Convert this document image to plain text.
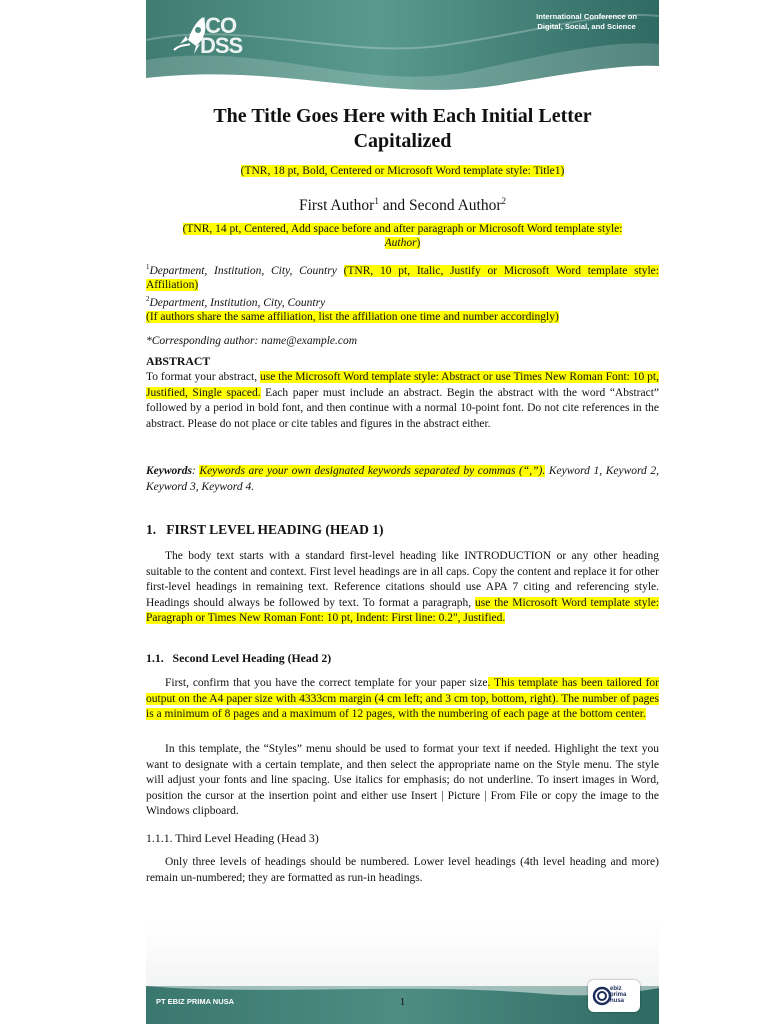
ICO
DSS
International Conference on
Digital, Social, and Science
The Title Goes Here with Each Initial Letter
Capitalized
(TNR, 18 pt, Bold, Centered or Microsoft Word template style: Title1)
First Author$^1$ and Second Author$^2$
(TNR, 14 pt, Centered, Add space before and after paragraph or Microsoft Word template style:
Author)
$^1$Department, Institution, City, Country (TNR, 10 pt, Italic, Justify or Microsoft Word template style: Affiliation)
$^2$Department, Institution, City, Country
(If authors share the same affiliation, list the affiliation one time and number accordingly)
*Corresponding author: name@example.com
ABSTRACT
To format your abstract, use the Microsoft Word template style: Abstract or use Times New Roman Font: 10 pt, Justified, Single spaced. Each paper must include an abstract. Begin the abstract with the word “Abstract” followed by a period in bold font, and then continue with a normal 10-point font. Do not cite references in the abstract. Please do not place or cite tables and figures in the abstract either.
Keywords: Keywords are your own designated keywords separated by commas (“,”). Keyword 1, Keyword 2, Keyword 3, Keyword 4.
1.   FIRST LEVEL HEADING (HEAD 1)
The body text starts with a standard first-level heading like INTRODUCTION or any other heading suitable to the content and context. First level headings are in all caps. Copy the content and replace it for other first-level headings in remaining text. Reference citations should use APA 7 citing and referencing style. Headings should always be followed by text. To format a paragraph, use the Microsoft Word template style: Paragraph or Times New Roman Font: 10 pt, Indent: First line: 0.2", Justified.
1.1.   Second Level Heading (Head 2)
First, confirm that you have the correct template for your paper size. This template has been tailored for output on the A4 paper size with 4333cm margin (4 cm left; and 3 cm top, bottom, right). The number of pages is a minimum of 8 pages and a maximum of 12 pages, with the numbering of each page at the bottom center.
In this template, the “Styles” menu should be used to format your text if needed. Highlight the text you want to designate with a certain template, and then select the appropriate name on the Style menu. The style will adjust your fonts and line spacing. Use italics for emphasis; do not underline. To insert images in Word, position the cursor at the insertion point and either use Insert | Picture | From File or copy the image to the Windows clipboard.
1.1.1. Third Level Heading (Head 3)
Only three levels of headings should be numbered. Lower level headings (4th level heading and more) remain un-numbered; they are formatted as run-in headings.
PT EBIZ PRIMA NUSA	1
ebiz
prima
nusa
